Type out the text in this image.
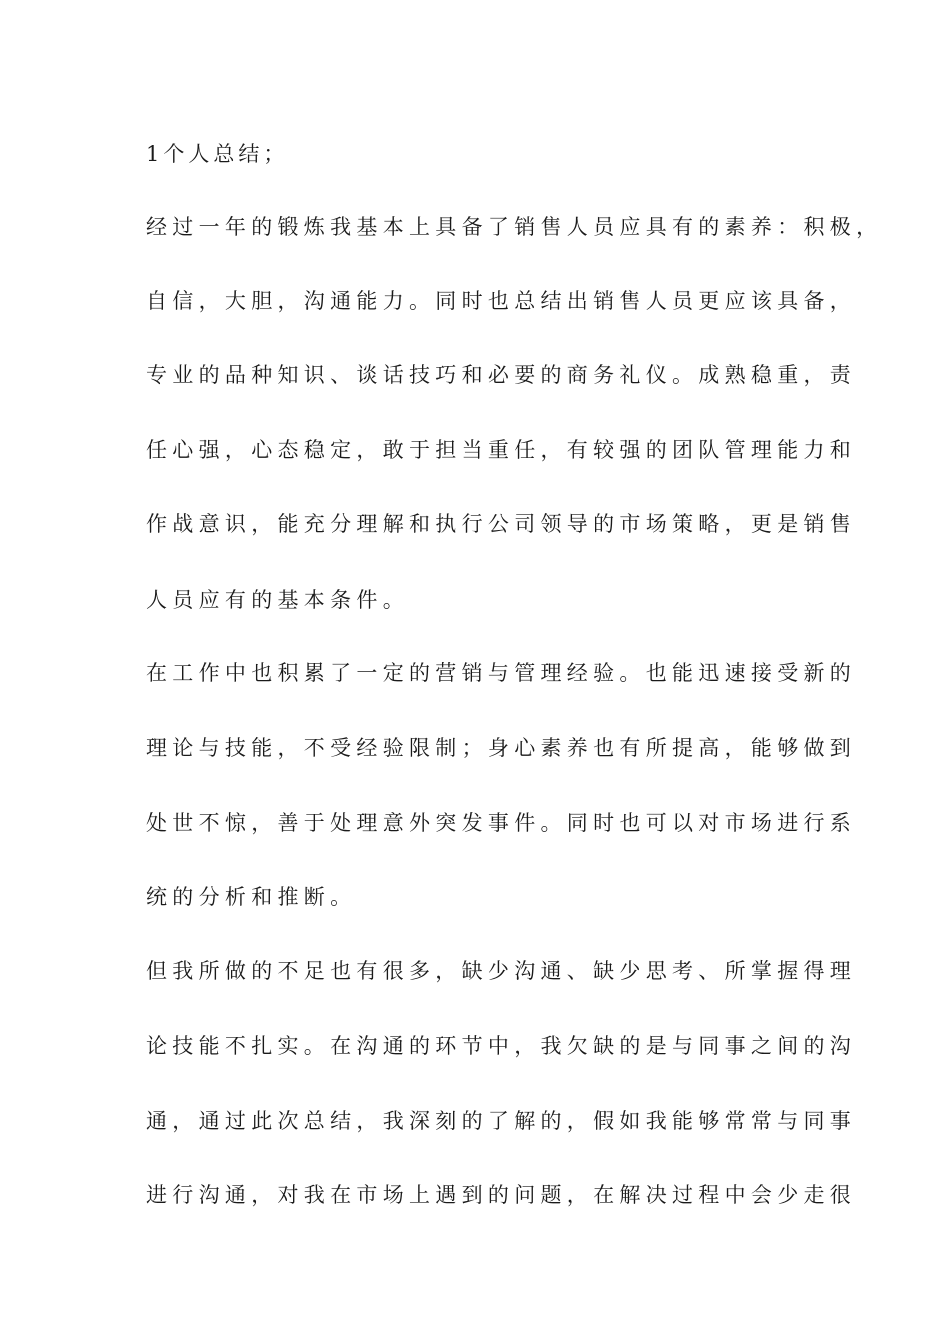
1个人总结；
经过一年的锻炼我基本上具备了销售人员应具有的素养：积极，
自信，大胆，沟通能力。同时也总结出销售人员更应该具备，
专业的品种知识、谈话技巧和必要的商务礼仪。成熟稳重，责
任心强，心态稳定，敢于担当重任，有较强的团队管理能力和
作战意识，能充分理解和执行公司领导的市场策略，更是销售
人员应有的基本条件。
在工作中也积累了一定的营销与管理经验。也能迅速接受新的
理论与技能，不受经验限制；身心素养也有所提高，能够做到
处世不惊，善于处理意外突发事件。同时也可以对市场进行系
统的分析和推断。
但我所做的不足也有很多，缺少沟通、缺少思考、所掌握得理
论技能不扎实。在沟通的环节中，我欠缺的是与同事之间的沟
通，通过此次总结，我深刻的了解的，假如我能够常常与同事
进行沟通，对我在市场上遇到的问题，在解决过程中会少走很
